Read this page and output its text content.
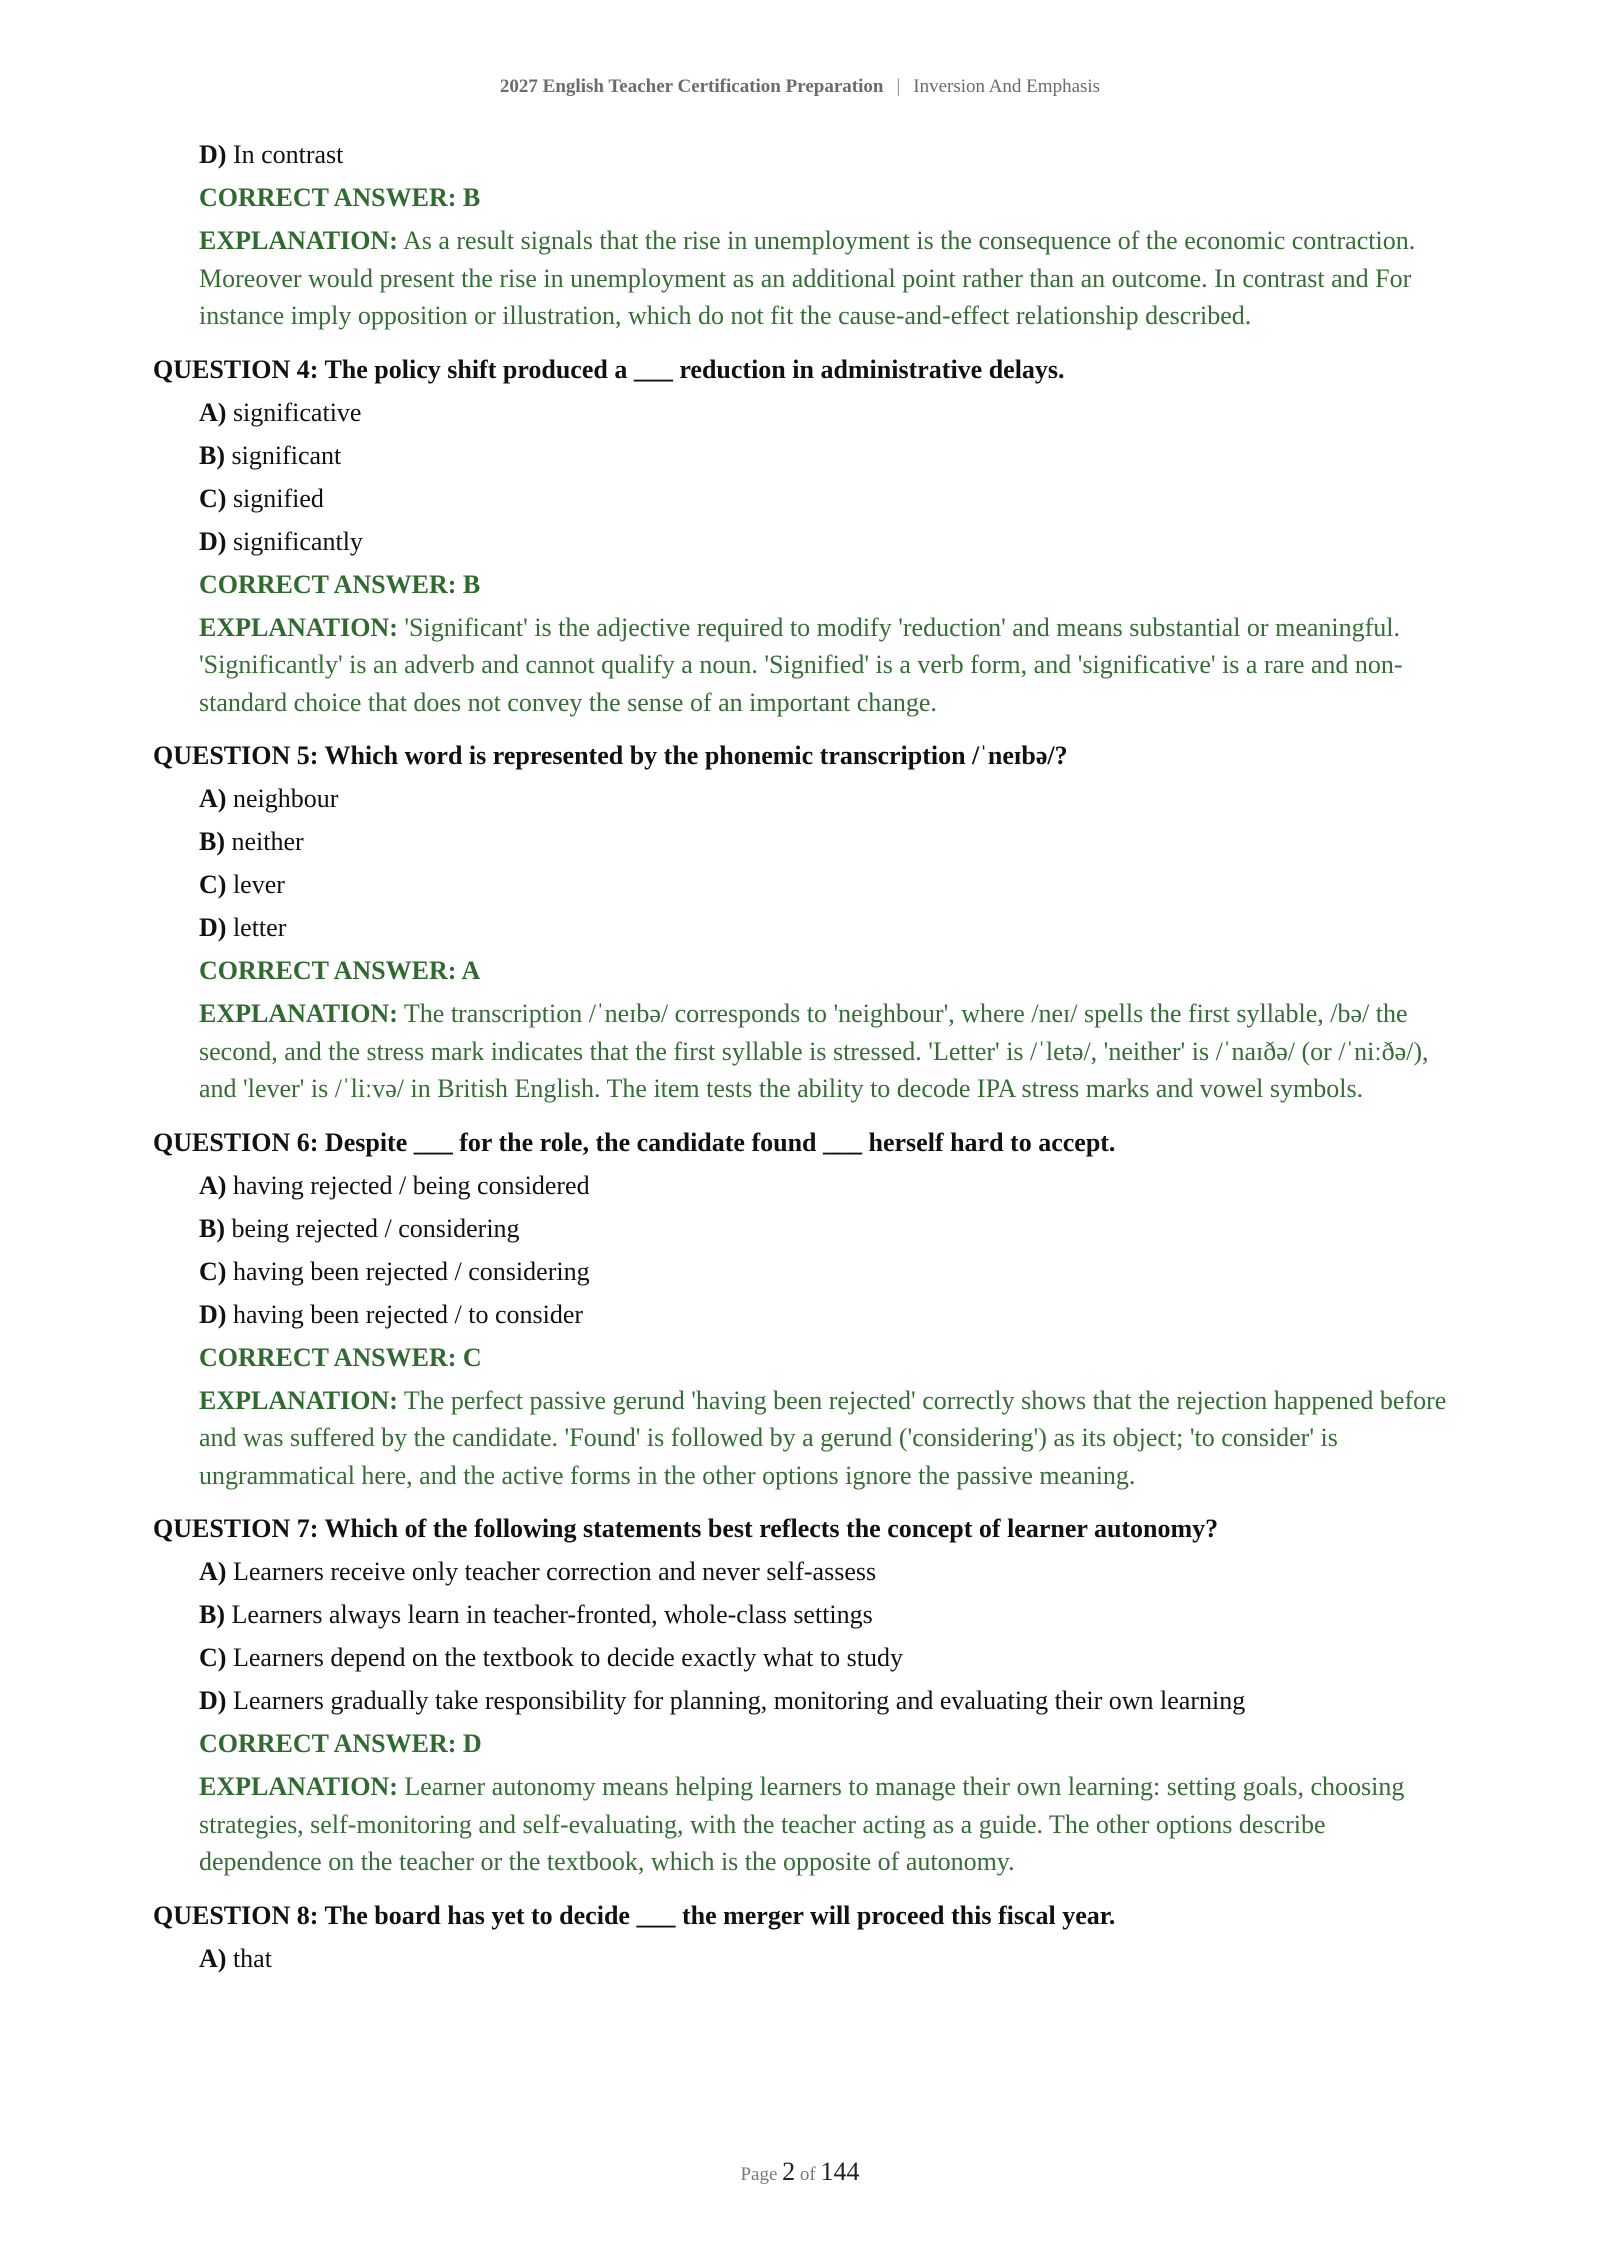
2027 English Teacher Certification Preparation | Inversion And Emphasis
D) In contrast
CORRECT ANSWER: B
EXPLANATION: As a result signals that the rise in unemployment is the consequence of the economic contraction. Moreover would present the rise in unemployment as an additional point rather than an outcome. In contrast and For instance imply opposition or illustration, which do not fit the cause-and-effect relationship described.
QUESTION 4: The policy shift produced a ___ reduction in administrative delays.
A) significative
B) significant
C) signified
D) significantly
CORRECT ANSWER: B
EXPLANATION: 'Significant' is the adjective required to modify 'reduction' and means substantial or meaningful. 'Significantly' is an adverb and cannot qualify a noun. 'Signified' is a verb form, and 'significative' is a rare and non-standard choice that does not convey the sense of an important change.
QUESTION 5: Which word is represented by the phonemic transcription /ˈneɪbə/?
A) neighbour
B) neither
C) lever
D) letter
CORRECT ANSWER: A
EXPLANATION: The transcription /ˈneɪbə/ corresponds to 'neighbour', where /neɪ/ spells the first syllable, /bə/ the second, and the stress mark indicates that the first syllable is stressed. 'Letter' is /ˈletə/, 'neither' is /ˈnaɪðə/ (or /ˈniːðə/), and 'lever' is /ˈliːvə/ in British English. The item tests the ability to decode IPA stress marks and vowel symbols.
QUESTION 6: Despite ___ for the role, the candidate found ___ herself hard to accept.
A) having rejected / being considered
B) being rejected / considering
C) having been rejected / considering
D) having been rejected / to consider
CORRECT ANSWER: C
EXPLANATION: The perfect passive gerund 'having been rejected' correctly shows that the rejection happened before and was suffered by the candidate. 'Found' is followed by a gerund ('considering') as its object; 'to consider' is ungrammatical here, and the active forms in the other options ignore the passive meaning.
QUESTION 7: Which of the following statements best reflects the concept of learner autonomy?
A) Learners receive only teacher correction and never self-assess
B) Learners always learn in teacher-fronted, whole-class settings
C) Learners depend on the textbook to decide exactly what to study
D) Learners gradually take responsibility for planning, monitoring and evaluating their own learning
CORRECT ANSWER: D
EXPLANATION: Learner autonomy means helping learners to manage their own learning: setting goals, choosing strategies, self-monitoring and self-evaluating, with the teacher acting as a guide. The other options describe dependence on the teacher or the textbook, which is the opposite of autonomy.
QUESTION 8: The board has yet to decide ___ the merger will proceed this fiscal year.
A) that
Page 2 of 144
